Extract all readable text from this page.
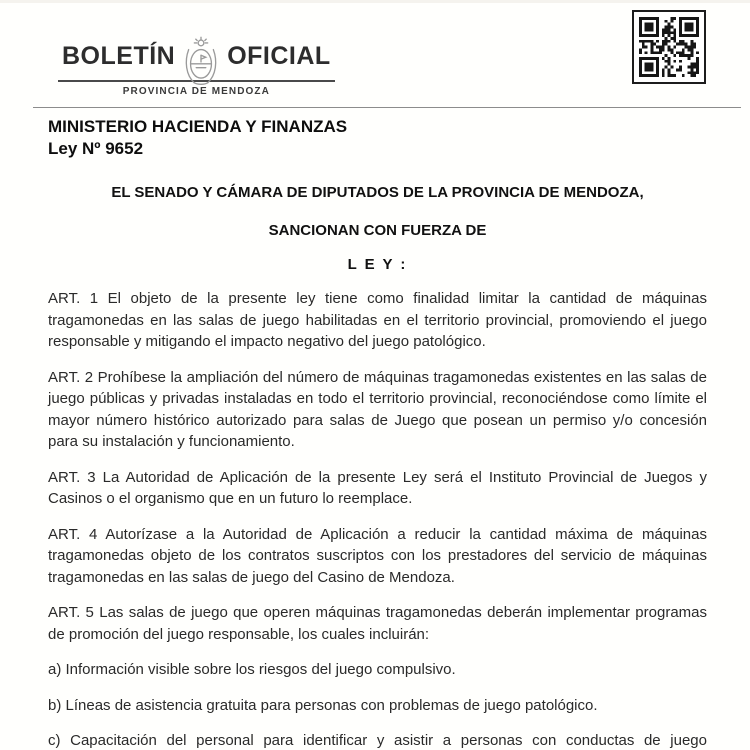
BOLETÍN OFICIAL
PROVINCIA DE MENDOZA
MINISTERIO HACIENDA Y FINANZAS
Ley Nº 9652
EL SENADO Y CÁMARA DE DIPUTADOS DE LA PROVINCIA DE MENDOZA,
SANCIONAN CON FUERZA DE
L E Y :

ART. 1 El objeto de la presente ley tiene como finalidad limitar la cantidad de máquinas tragamonedas en las salas de juego habilitadas en el territorio provincial, promoviendo el juego responsable y mitigando el impacto negativo del juego patológico.

ART. 2 Prohíbese la ampliación del número de máquinas tragamonedas existentes en las salas de juego públicas y privadas instaladas en todo el territorio provincial, reconociéndose como límite el mayor número histórico autorizado para salas de Juego que posean un permiso y/o concesión para su instalación y funcionamiento.

ART. 3 La Autoridad de Aplicación de la presente Ley será el Instituto Provincial de Juegos y Casinos o el organismo que en un futuro lo reemplace.

ART. 4 Autorízase a la Autoridad de Aplicación a reducir la cantidad máxima de máquinas tragamonedas objeto de los contratos suscriptos con los prestadores del servicio de máquinas tragamonedas en las salas de juego del Casino de Mendoza.

ART. 5 Las salas de juego que operen máquinas tragamonedas deberán implementar programas de promoción del juego responsable, los cuales incluirán:

a) Información visible sobre los riesgos del juego compulsivo.

b) Líneas de asistencia gratuita para personas con problemas de juego patológico.

c) Capacitación del personal para identificar y asistir a personas con conductas de juego
